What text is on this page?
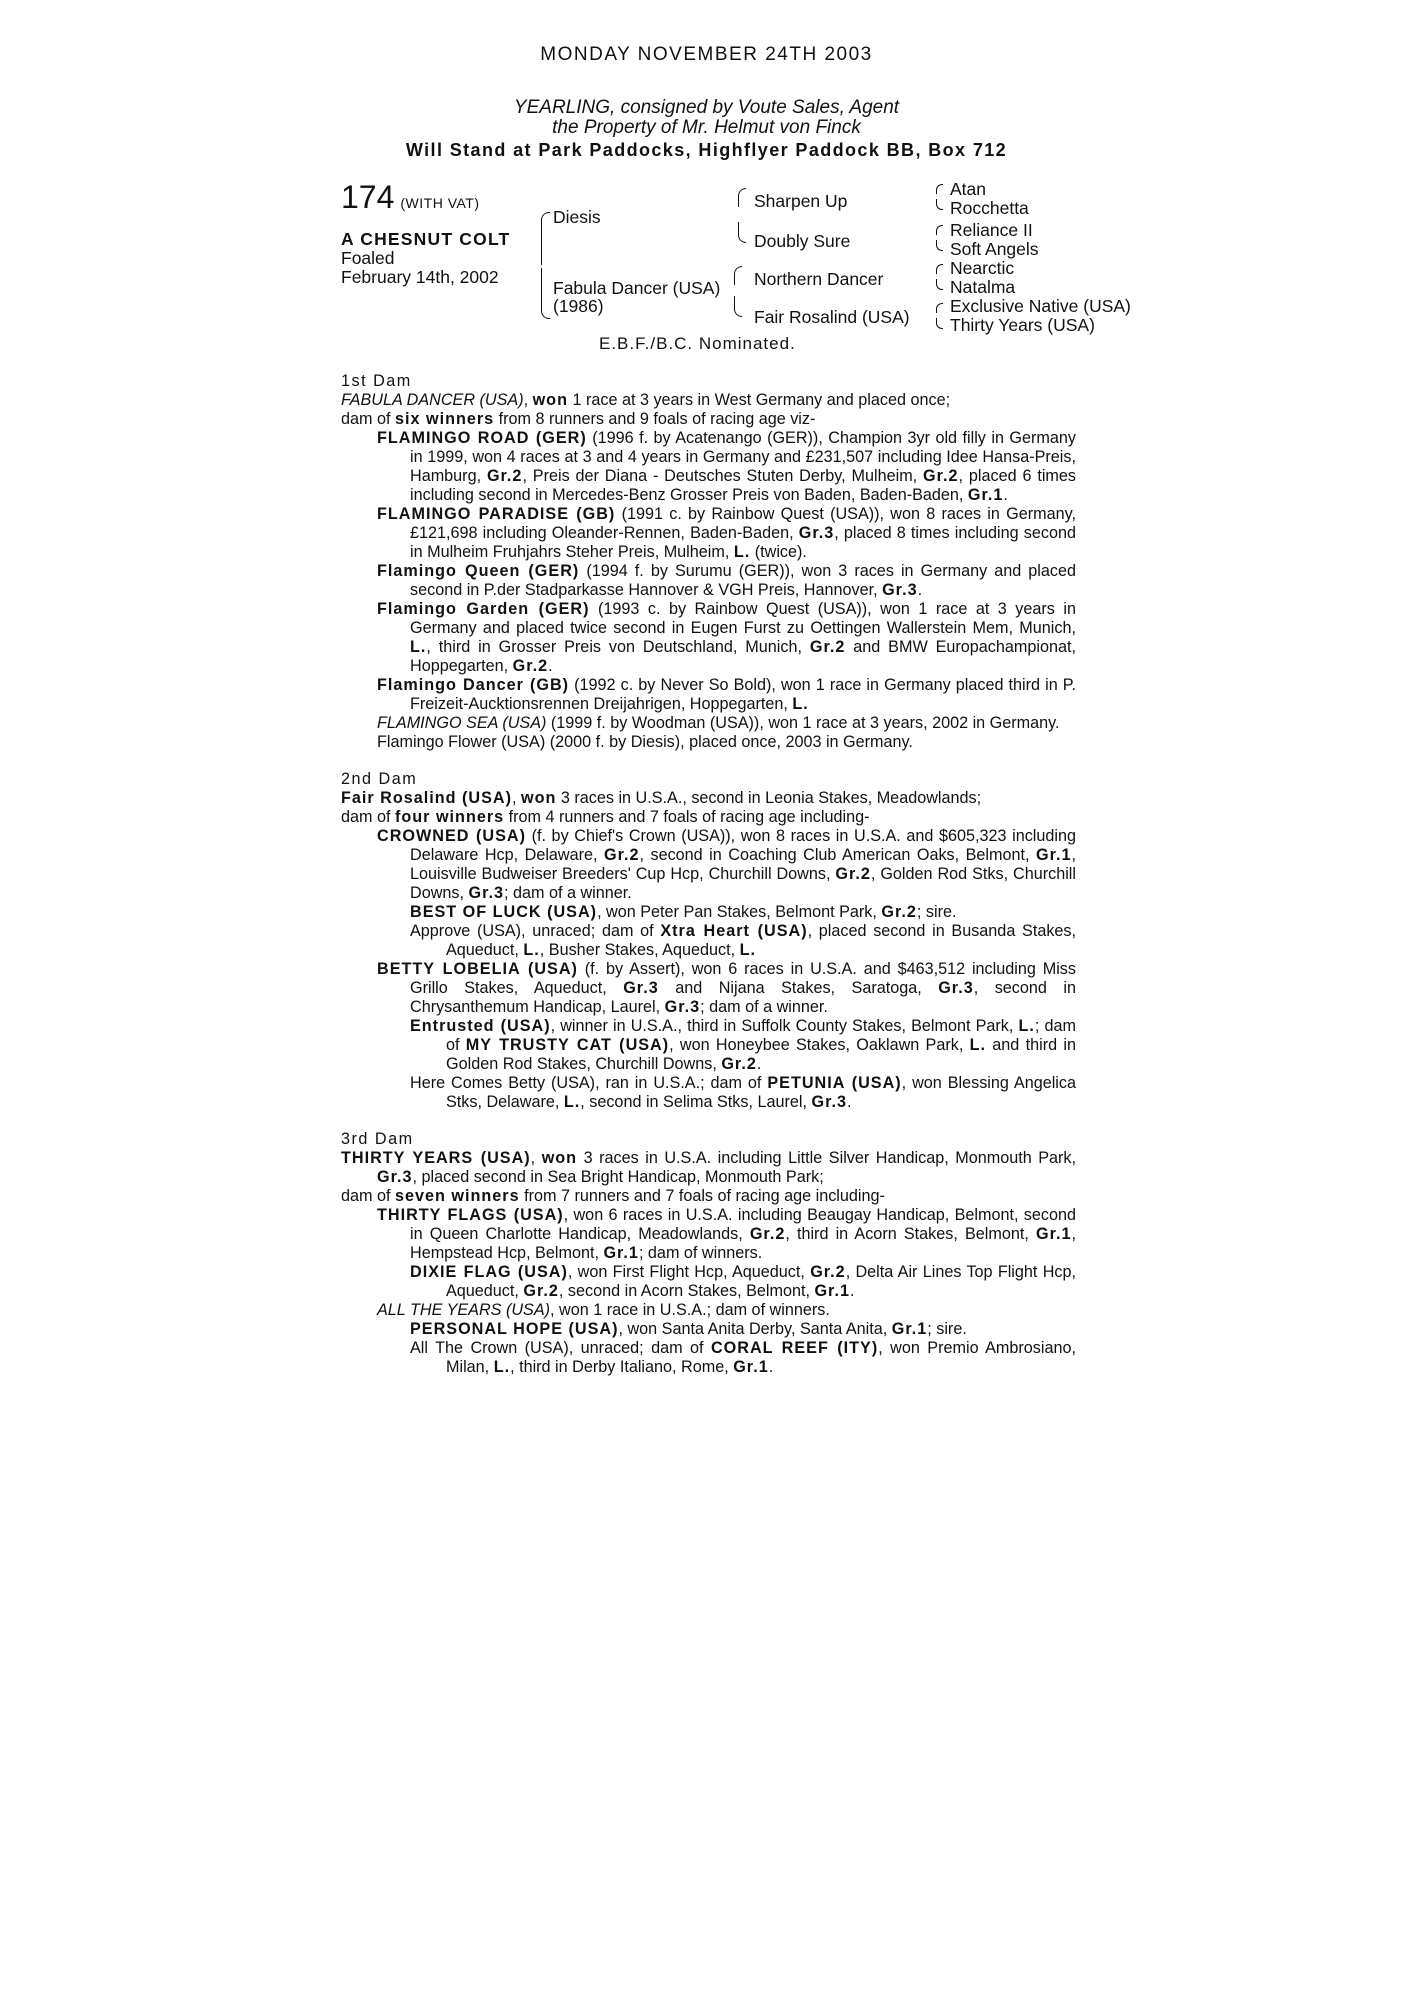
MONDAY NOVEMBER 24TH 2003
YEARLING, consigned by Voute Sales, Agent
the Property of Mr. Helmut von Finck
Will Stand at Park Paddocks, Highflyer Paddock BB, Box 712
174 (WITH VAT)
A CHESNUT COLT
Foaled
February 14th, 2002
Diesis
Fabula Dancer (USA)
(1986)
Sharpen Up
Doubly Sure
Northern Dancer
Fair Rosalind (USA)
Atan
Rocchetta
Reliance II
Soft Angels
Nearctic
Natalma
Exclusive Native (USA)
Thirty Years (USA)
E.B.F./B.C. Nominated.

1st Dam

FABULA DANCER (USA), won 1 race at 3 years in West Germany and placed once;

dam of six winners from 8 runners and 9 foals of racing age viz-

FLAMINGO ROAD (GER) (1996 f. by Acatenango (GER)), Champion 3yr old filly in Germany in 1999, won 4 races at 3 and 4 years in Germany and £231,507 including Idee Hansa-Preis, Hamburg, Gr.2, Preis der Diana - Deutsches Stuten Derby, Mulheim, Gr.2, placed 6 times including second in Mercedes-Benz Grosser Preis von Baden, Baden-Baden, Gr.1.

FLAMINGO PARADISE (GB) (1991 c. by Rainbow Quest (USA)), won 8 races in Germany, £121,698 including Oleander-Rennen, Baden-Baden, Gr.3, placed 8 times including second in Mulheim Fruhjahrs Steher Preis, Mulheim, L. (twice).

Flamingo Queen (GER) (1994 f. by Surumu (GER)), won 3 races in Germany and placed second in P.der Stadparkasse Hannover & VGH Preis, Hannover, Gr.3.

Flamingo Garden (GER) (1993 c. by Rainbow Quest (USA)), won 1 race at 3 years in Germany and placed twice second in Eugen Furst zu Oettingen Wallerstein Mem, Munich, L., third in Grosser Preis von Deutschland, Munich, Gr.2 and BMW Europachampionat, Hoppegarten, Gr.2.

Flamingo Dancer (GB) (1992 c. by Never So Bold), won 1 race in Germany placed third in P. Freizeit-Aucktionsrennen Dreijahrigen, Hoppegarten, L.

FLAMINGO SEA (USA) (1999 f. by Woodman (USA)), won 1 race at 3 years, 2002 in Germany.

Flamingo Flower (USA) (2000 f. by Diesis), placed once, 2003 in Germany.

2nd Dam

Fair Rosalind (USA), won 3 races in U.S.A., second in Leonia Stakes, Meadowlands;

dam of four winners from 4 runners and 7 foals of racing age including-

CROWNED (USA) (f. by Chief's Crown (USA)), won 8 races in U.S.A. and $605,323 including Delaware Hcp, Delaware, Gr.2, second in Coaching Club American Oaks, Belmont, Gr.1, Louisville Budweiser Breeders' Cup Hcp, Churchill Downs, Gr.2, Golden Rod Stks, Churchill Downs, Gr.3; dam of a winner.

BEST OF LUCK (USA), won Peter Pan Stakes, Belmont Park, Gr.2; sire.

Approve (USA), unraced; dam of Xtra Heart (USA), placed second in Busanda Stakes, Aqueduct, L., Busher Stakes, Aqueduct, L.

BETTY LOBELIA (USA) (f. by Assert), won 6 races in U.S.A. and $463,512 including Miss Grillo Stakes, Aqueduct, Gr.3 and Nijana Stakes, Saratoga, Gr.3, second in Chrysanthemum Handicap, Laurel, Gr.3; dam of a winner.

Entrusted (USA), winner in U.S.A., third in Suffolk County Stakes, Belmont Park, L.; dam of MY TRUSTY CAT (USA), won Honeybee Stakes, Oaklawn Park, L. and third in Golden Rod Stakes, Churchill Downs, Gr.2.

Here Comes Betty (USA), ran in U.S.A.; dam of PETUNIA (USA), won Blessing Angelica Stks, Delaware, L., second in Selima Stks, Laurel, Gr.3.

3rd Dam

THIRTY YEARS (USA), won 3 races in U.S.A. including Little Silver Handicap, Monmouth Park, Gr.3, placed second in Sea Bright Handicap, Monmouth Park;

dam of seven winners from 7 runners and 7 foals of racing age including-

THIRTY FLAGS (USA), won 6 races in U.S.A. including Beaugay Handicap, Belmont, second in Queen Charlotte Handicap, Meadowlands, Gr.2, third in Acorn Stakes, Belmont, Gr.1, Hempstead Hcp, Belmont, Gr.1; dam of winners.

DIXIE FLAG (USA), won First Flight Hcp, Aqueduct, Gr.2, Delta Air Lines Top Flight Hcp, Aqueduct, Gr.2, second in Acorn Stakes, Belmont, Gr.1.

ALL THE YEARS (USA), won 1 race in U.S.A.; dam of winners.

PERSONAL HOPE (USA), won Santa Anita Derby, Santa Anita, Gr.1; sire.

All The Crown (USA), unraced; dam of CORAL REEF (ITY), won Premio Ambrosiano, Milan, L., third in Derby Italiano, Rome, Gr.1.
